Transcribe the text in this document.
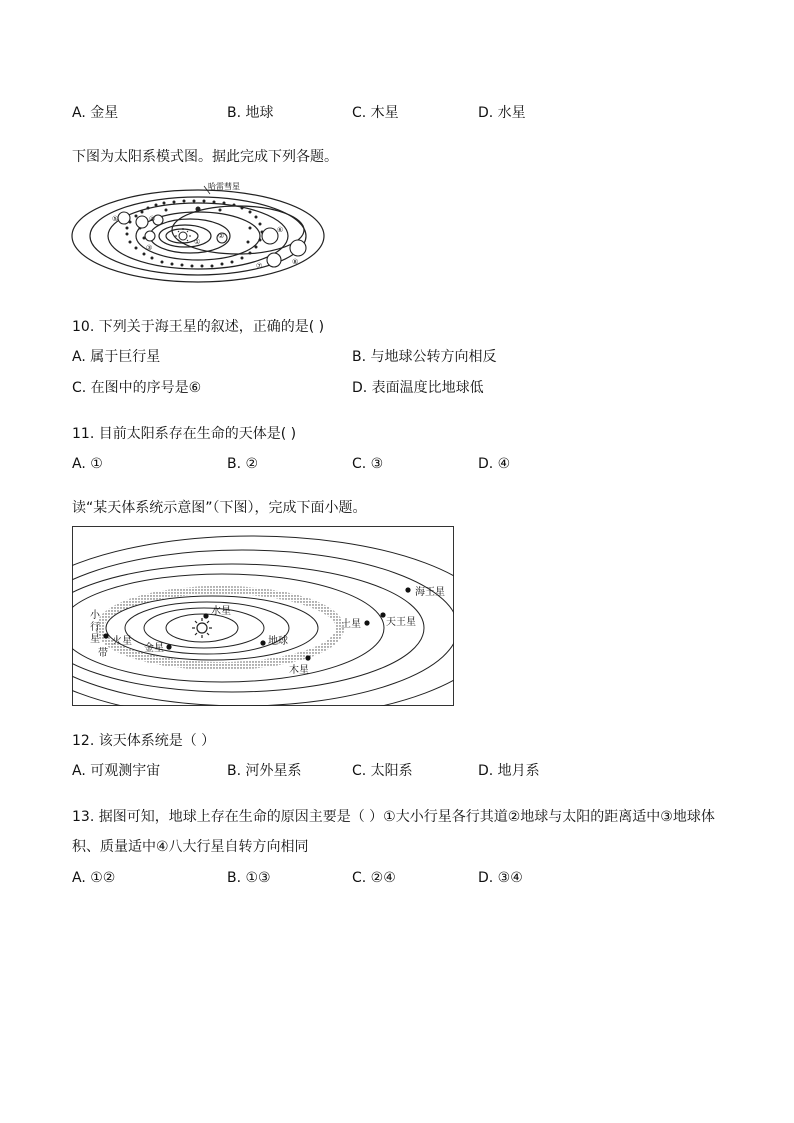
A. 金星	B. 地球	C. 木星	D. 水星
下图为太阳系模式图。据此完成下列各题。
哈雷彗星
⑤	④
③
②
①
⑥
⑦	⑧
10. 下列关于海王星的叙述，正确的是( )
A. 属于巨行星	B. 与地球公转方向相反
C. 在图中的序号是⑥	D. 表面温度比地球低
11. 目前太阳系存在生命的天体是( )
A. ①	B. ②	C. ③	D. ④
读“某天体系统示意图”（下图），完成下面小题。
水星
金星
地球
火星
木星
土星	天王星
海王星
小
行
星
带
12. 该天体系统是（ ）
A. 可观测宇宙	B. 河外星系	C. 太阳系	D. 地月系
13. 据图可知，地球上存在生命的原因主要是（ ）①大小行星各行其道②地球与太阳的距离适中③地球体
积、质量适中④八大行星自转方向相同
A. ①②	B. ①③	C. ②④	D. ③④
